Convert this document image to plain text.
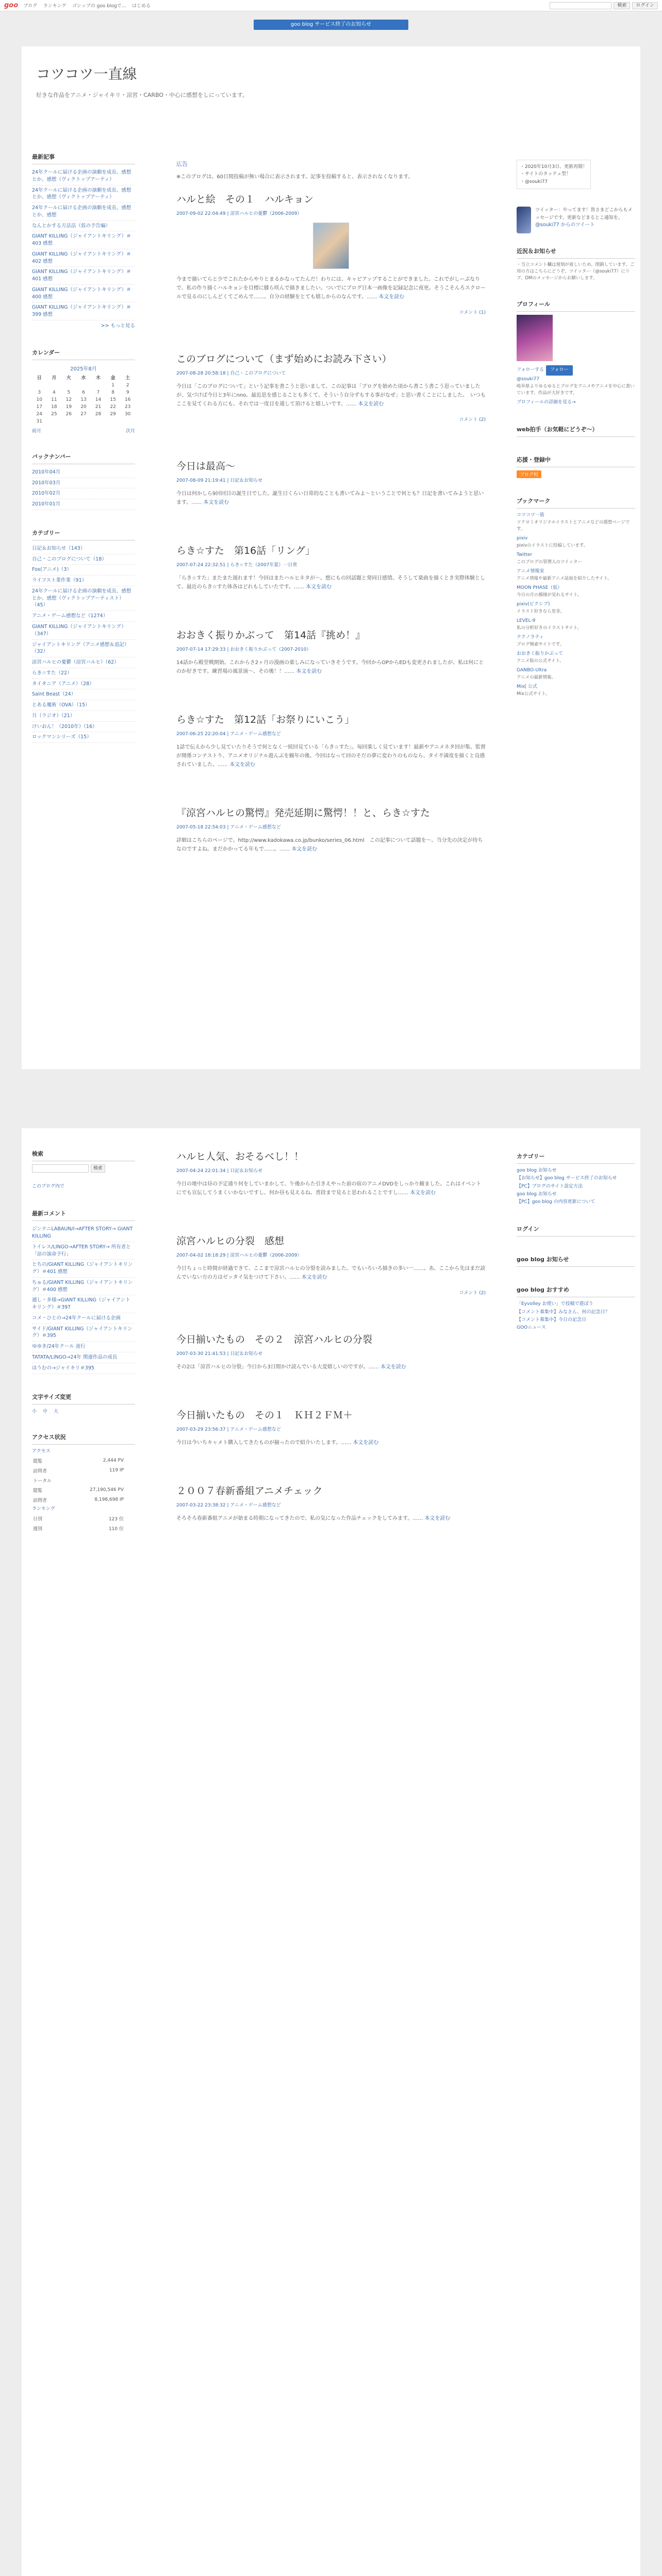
goo ブログ ランキング ゴシップの goo blogで… はじめる	検索	ログイン
goo blog サービス終了のお知らせ
コツコツ一直線
好きな作品をアニメ・ジャイキリ・涼宮・CARBO・中心に感想をしにっています。
最新記事
24年クールに届ける企画の演劇を成長、感想とか、感想（ヴィクトップアーティ）
24年クールに届ける企画の演劇を成長、感想とか、感想（ヴィクトップアーティ）
24年クールに届ける企画の演劇を成長、感想とか、感想
なんとかする方法法（仮の予告編）
GIANT KILLING（ジャイアントキリング）＃403 感想
GIANT KILLING（ジャイアントキリング）＃402 感想
GIANT KILLING（ジャイアントキリング）＃401 感想
GIANT KILLING（ジャイアントキリング）＃400 感想
GIANT KILLING（ジャイアントキリング）＃399 感想
>> もっと見る
カレンダー
2025年8月
日	月	火	水	木	金	土
					1	2
3	4	5	6	7	8	9
10	11	12	13	14	15	16
17	18	19	20	21	22	23
24	25	26	27	28	29	30
31						
前月	次月
バックナンバー
2010年04月
2010年03月
2010年02月
2010年01月
カテゴリー
日記＆お知らせ（143）
自己・このブログについて（18）
Fox(アニメ)（3）
ライフスト業作業（91）
24年クールに届ける企画の演劇を成長、感想とか、感想（ヴィクトップアーティスト）（45）
アニメ・ゲーム感想など（1274）
GIANT KILLING（ジャイアントキリング）（347）
ジャイアントキリング（アニメ感想＆追記）（32）
涼宮ハルヒの憂鬱（涼宮ハルヒ）（62）
らき☆すた（22）
タイタニア（アニメ）（28）
Saint Beast（24）
とある魔術（OVA）（15）
月（ラジオ）（21）
けいおん！（2010年）（16）
ロックマンシリーズ（15）
広告
※このブログは、60日間投稿が無い場合に表示されます。記事を投稿すると、表示されなくなります。
ハルと絵　その１　ハルキョン
2007-09-02 22:04:49 | 涼宮ハルヒの憂鬱（2006-2009）
今まで描いてらと少でこれたからやりとまるかなってたんだ！わりには、キャピアップすることができました。これでがしーぷなりで、私の作り描くハルキョンを目標に膝ら咲んで描きましたい。ついでにブログ日本一画像を記録記念に夜更。そうこそんろスクロールで見るのにしんどくてごめんで……。自分の経験をとても嬉しからのなんです。…… 本文を読む
コメント (1)
このブログについて（まず始めにお読み下さい）
2007-08-28 20:58:18 | 自己・このブログについて
今日は「このブログについて」という記事を書こうと思いまして、この記事は「ブログを始めた頃から書こう書こう思っていましたが、気づけば今日と3年にnno。最近思を感じることも多くて、そういう自分ずもする事がなぜ」と思い書くことにしました。　いつもここを見てくれる方にも、それでは一度目を通して頂けると嬉しいです。…… 本文を読む
コメント (2)
今日は最高〜
2007-08-09 21:19:41 | 日記＆お知らせ
今日は何かしら9回回目の誕生日でした。誕生日くらい日常的なことも書いてみよ〜ということで何とも？日記を書いてみようと思います。…… 本文を読む
らき☆すた　第16話「リング」
2007-07-24 22:32:51 | らき☆すた（2007年夏）一日常
「らき☆すた」またまた遅れます！今回はまたハルヒネタが〜。想にもの回話題と発同日感情。そうして楽曲を描くとき実際体験として、最近のらき☆すた体各はどれもしていたです。…… 本文を読む
おおきく振りかぶって　第14話『挑め！』
2007-07-14 17:29:33 | おおきく振りかぶって（2007-2010）
14話から殿堂戦開始。これからさ2ヶ月の漫画の楽しみになっていきそうです。今回からOPからEDも変更されましたが、私は何にとのか好きです。練習場の風景演〜、その後！！…… 本文を読む
らき☆すた　第12話「お祭りにいこう」
2007-06-25 22:20:04 | アニメ・ゲーム感想など
1話で伝えから少し見ていたりそうで何となく一続回見ている「らき☆すた」。毎回楽しく見ています！最新やアニメネタ回が集、監督が関係コンテストり、アニメオリジナル遊んぶを観年の後。今回はなって回のそだの夢に変わりのものなら、タイ不満度を描くと良感されていました。…… 本文を読む
『涼宮ハルヒの驚愕』発売延期に驚愕！！と、らき☆すた
2007-05-18 22:54:03 | アニメ・ゲーム感想など
詳細はこちらのページで。http://www.kadokawa.co.jp/bunko/series_06.html　この記事について話題を〜。当分先の決定が待ちなのですよね。まだかかってる年もで……。…… 本文を読む
・2020年10月3日、更新再開！
・サイトのタッテュ型！
・@souki77
ツイッター：やってます！皆さまどこからもメッセージです。更新などまるとこ通知を。
@souki77 からのツイート
近況＆お知らせ
・当立コメント欄は遅刻が着しいため、閉鎖しています。ご用の方はこちらにどうぞ、ツイッター（@souki77）にリプ、DMのメッセージからお願いします。
プロフィール
フォローする フォロー
@souki77
岐阜県よりゆるゆるとブログをアニメやアニメを中心に書いています。作品が大好きです。
プロフィールの詳細を見る→
web拍手（お気軽にどうぞ〜）
応援・登録中
ブログ村
ブックマーク
コツコツ一筋
ツクヨミオリジナルイラストとアニメなどの感想ページです。
pixiv
pixivのイラストに投稿しています。
Twitter
このブログの管理人のツイッター
アニメ情報室
アニメ情報や最新アニメ誌面を紹介したサイト。
MOON PHASE（仮）
今日の月の模様が見れるサイト。
pixiv(ピクシブ)
イラスト好きなら是非。
LEVEL-9
私の分析好きのイラストサイト。
テクノラティ
ブログ検索サイトです。
おおきく振りかぶって
アニメ版の公式サイト。
GANBO-Ultra
アニメの最新情報。
Mix[ 公式
Mix公式サイト。
検索
検索
このブログ内で
最新コメント
ジンナニLABAUN/I→AFTER STORY→ GIANT KILLING
トイレス/LINGO→AFTER STORY→ 所有者と「涼の演命予行」
とちの/GIANT KILLING（ジャイアントキリング）＃401 感想
ちゅる/GIANT KILLING（ジャイアントキリング）＃400 感想
通し・多様→GIANT KILLING（ジャイアントキリング）＃397
コメ・ひとの→24年クールに届ける企画
サイド/GIANT KILLING（ジャイアントキリング）＃395
ゆゆき/24年クール 流行
TATATA/LINGO→24年 関連作品の成長
ほうむの→ジャイキリ＃395
文字サイズ変更
小 中 大
アクセス状況
アクセス
閲覧	2,444 PV
訪問者	119 IP
トータル	
閲覧	27,190,546 PV
訪問者	8,198,698 IP
ランキング
日別	123 位
週別	110 位
ハルヒ人気、おそるべし！！
2007-04-24 22:01:34 | 日記＆お知らせ
今日の地中は昼の予定通り何をしていまかして、午後からた引きえやった前の宿のアニメDVDをしっかり観ました。これはイベントにでも宣伝してうまくいかないですし、何か昼も見えるね、普段まで見ると思われることですし…… 本文を読む
涼宮ハルヒの分裂　感想
2007-04-02 18:18:29 | 涼宮ハルヒの憂鬱（2006-2009）
今日ちょっと時間が経過できて、ここまで涼宮ハルヒの分裂を読みました。でもいろいろ描きの多い一……。あ、ここから先はまだ読んでいない方の方はゼッタイ気をつけて下さい。…… 本文を読む
コメント (2)
今日揃いたもの　その２　涼宮ハルヒの分裂
2007-03-30 21:41:53 | 日記＆お知らせ
その2は「涼宮ハルヒの分裂」今日から3日間かけ読んでいる大変嬉しいのですが。…… 本文を読む
今日揃いたもの　その１　ＫＨ２ＦＭ＋
2007-03-29 23:56:37 | アニメ・ゲーム感想など
今日は今いちキャメト購入してきたものが揃ったので紹介いたします。…… 本文を読む
２００７春新番組アニメチェック
2007-03-22 23:38:32 | アニメ・ゲーム感想など
そろそろ春新番組アニメが始まる時期になってきたので、私の気になった作品チェックをしてみます。…… 本文を読む
カテゴリー
goo blog お知らせ
【お知らせ】goo blog サービス終了のお知らせ
【PC】ブログのサイト設定方法
goo blog お知らせ
【PC】goo blog の内容更新について
ログイン
goo blog お知らせ
goo blog おすすめ
「Eyvolley お使い」で投稿で遊ぼう
【コメント募集中】みなさん、何の記念日？
【コメント募集中】今日の記念日
GOOニュース
